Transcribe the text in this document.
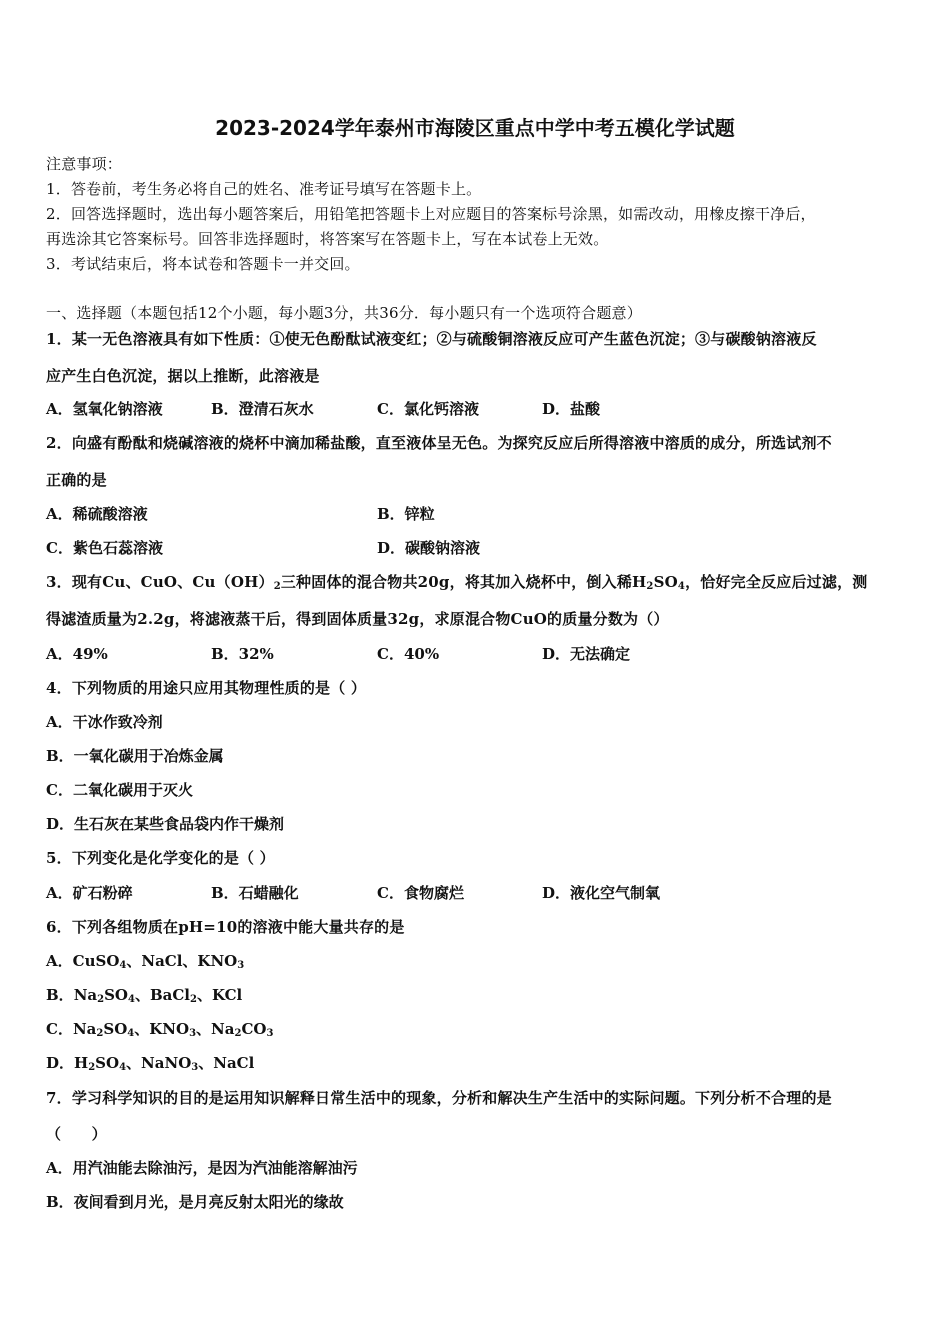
2023-2024学年泰州市海陵区重点中学中考五模化学试题
注意事项：
1．答卷前，考生务必将自己的姓名、准考证号填写在答题卡上。
2．回答选择题时，选出每小题答案后，用铅笔把答题卡上对应题目的答案标号涂黑，如需改动，用橡皮擦干净后，
再选涂其它答案标号。回答非选择题时，将答案写在答题卡上，写在本试卷上无效。
3．考试结束后，将本试卷和答题卡一并交回。
一、选择题（本题包括12个小题，每小题3分，共36分．每小题只有一个选项符合题意）
1．某一无色溶液具有如下性质：①使无色酚酞试液变红；②与硫酸铜溶液反应可产生蓝色沉淀；③与碳酸钠溶液反
应产生白色沉淀，据以上推断，此溶液是
A．氢氧化钠溶液	B．澄清石灰水	C．氯化钙溶液	D．盐酸
2．向盛有酚酞和烧碱溶液的烧杯中滴加稀盐酸，直至液体呈无色。为探究反应后所得溶液中溶质的成分，所选试剂不
正确的是
A．稀硫酸溶液	B．锌粒
C．紫色石蕊溶液	D．碳酸钠溶液
3．现有Cu、CuO、$Cu(OH)_2$三种固体的混合物共20g，将其加入烧杯中，倒入稀$H_2SO_4$，恰好完全反应后过滤，测
得滤渣质量为2.2g，将滤液蒸干后，得到固体质量32g，求原混合物CuO的质量分数为（）
A．49%	B．32%	C．40%	D．无法确定
4．下列物质的用途只应用其物理性质的是（ ）
A．干冰作致冷剂
B．一氧化碳用于冶炼金属
C．二氧化碳用于灭火
D．生石灰在某些食品袋内作干燥剂
5．下列变化是化学变化的是（ ）
A．矿石粉碎	B．石蜡融化	C．食物腐烂	D．液化空气制氧
6．下列各组物质在pH=10的溶液中能大量共存的是
A．CuSO$_4$、NaCl、$KNO_3$
B．$Na_2SO_4$、BaCl$_2$、KCl
C．$Na_2SO_4$、$KNO_3$、$Na_2CO_3$
D．$H_2SO_4$、NaNO$_3$、NaCl
7．学习科学知识的目的是运用知识解释日常生活中的现象，分析和解决生产生活中的实际问题。下列分析不合理的是
（　　）
A．用汽油能去除油污，是因为汽油能溶解油污
B．夜间看到月光，是月亮反射太阳光的缘故
